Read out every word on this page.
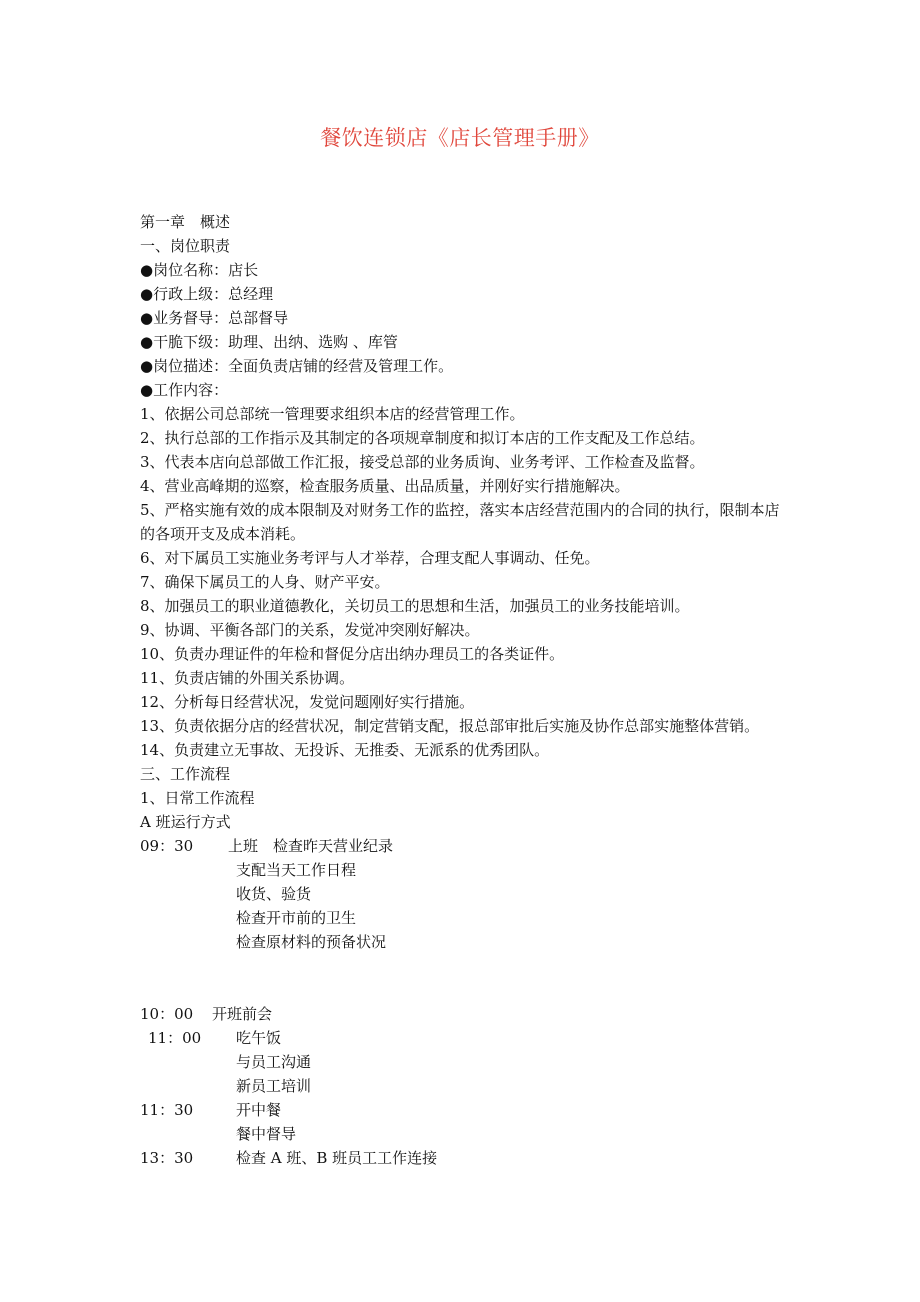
餐饮连锁店《店长管理手册》
第一章　概述
一、岗位职责
●岗位名称：店长
●行政上级：总经理
●业务督导：总部督导
●干脆下级：助理、出纳、选购 、库管
●岗位描述：全面负责店铺的经营及管理工作。
●工作内容：
1、依据公司总部统一管理要求组织本店的经营管理工作。
2、执行总部的工作指示及其制定的各项规章制度和拟订本店的工作支配及工作总结。
3、代表本店向总部做工作汇报，接受总部的业务质询、业务考评、工作检查及监督。
4、营业高峰期的巡察，检查服务质量、出品质量，并刚好实行措施解决。
5、严格实施有效的成本限制及对财务工作的监控，落实本店经营范围内的合同的执行，限制本店的各项开支及成本消耗。
6、对下属员工实施业务考评与人才举荐，合理支配人事调动、任免。
7、确保下属员工的人身、财产平安。
8、加强员工的职业道德教化，关切员工的思想和生活，加强员工的业务技能培训。
9、协调、平衡各部门的关系，发觉冲突刚好解决。
10、负责办理证件的年检和督促分店出纳办理员工的各类证件。
11、负责店铺的外围关系协调。
12、分析每日经营状况，发觉问题刚好实行措施。
13、负责依据分店的经营状况，制定营销支配，报总部审批后实施及协作总部实施整体营销。
14、负责建立无事故、无投诉、无推委、无派系的优秀团队。
三、工作流程
1、日常工作流程
A 班运行方式
09：30 上班　检查昨天营业纪录
支配当天工作日程
收货、验货
检查开市前的卫生
检查原材料的预备状况
10：00 开班前会
11：00 吃午饭
与员工沟通
新员工培训
11：30	开中餐
餐中督导
13：30	检查 A 班、B 班员工工作连接
